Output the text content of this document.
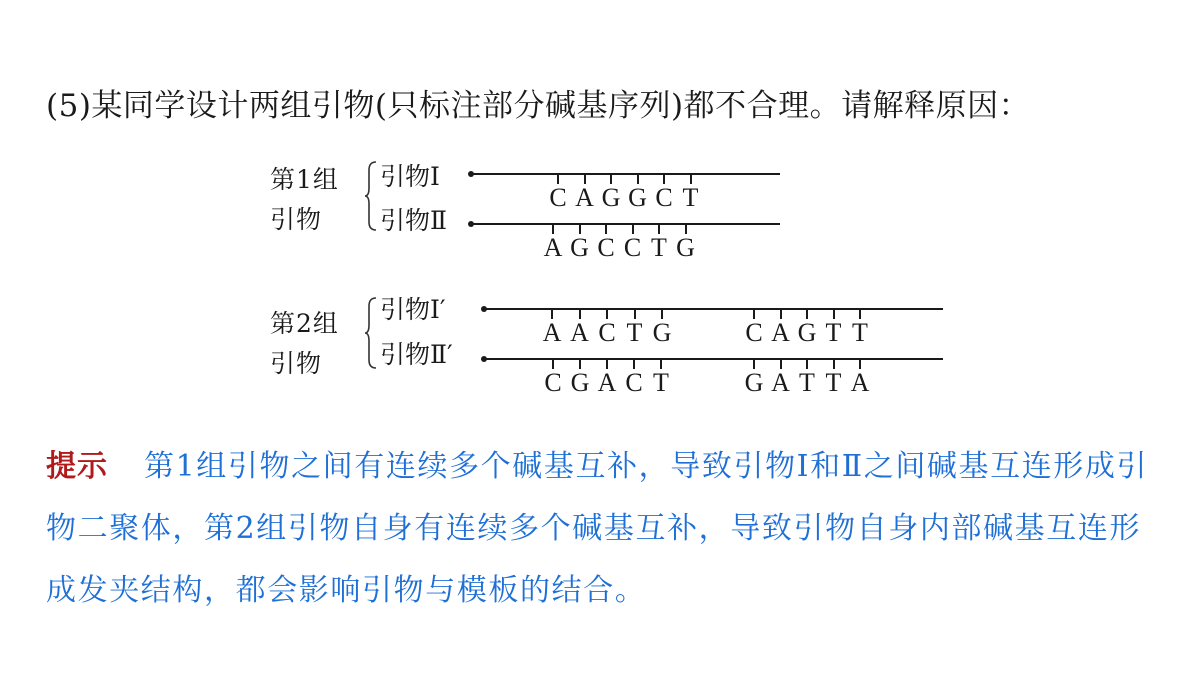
(5)某同学设计两组引物(只标注部分碱基序列)都不合理。请解释原因：
第1组
引物
引物Ⅰ
C A G G C T
引物Ⅱ
A G C C T G
第2组
引物
引物Ⅰ′
A A C T G	C A G T T
引物Ⅱ′
C G A C T	G A T T A
提示 第1组引物之间有连续多个碱基互补，导致引物Ⅰ和Ⅱ之间碱基互连形成引物二聚体，第2组引物自身有连续多个碱基互补，导致引物自身内部碱基互连形成发夹结构，都会影响引物与模板的结合。
